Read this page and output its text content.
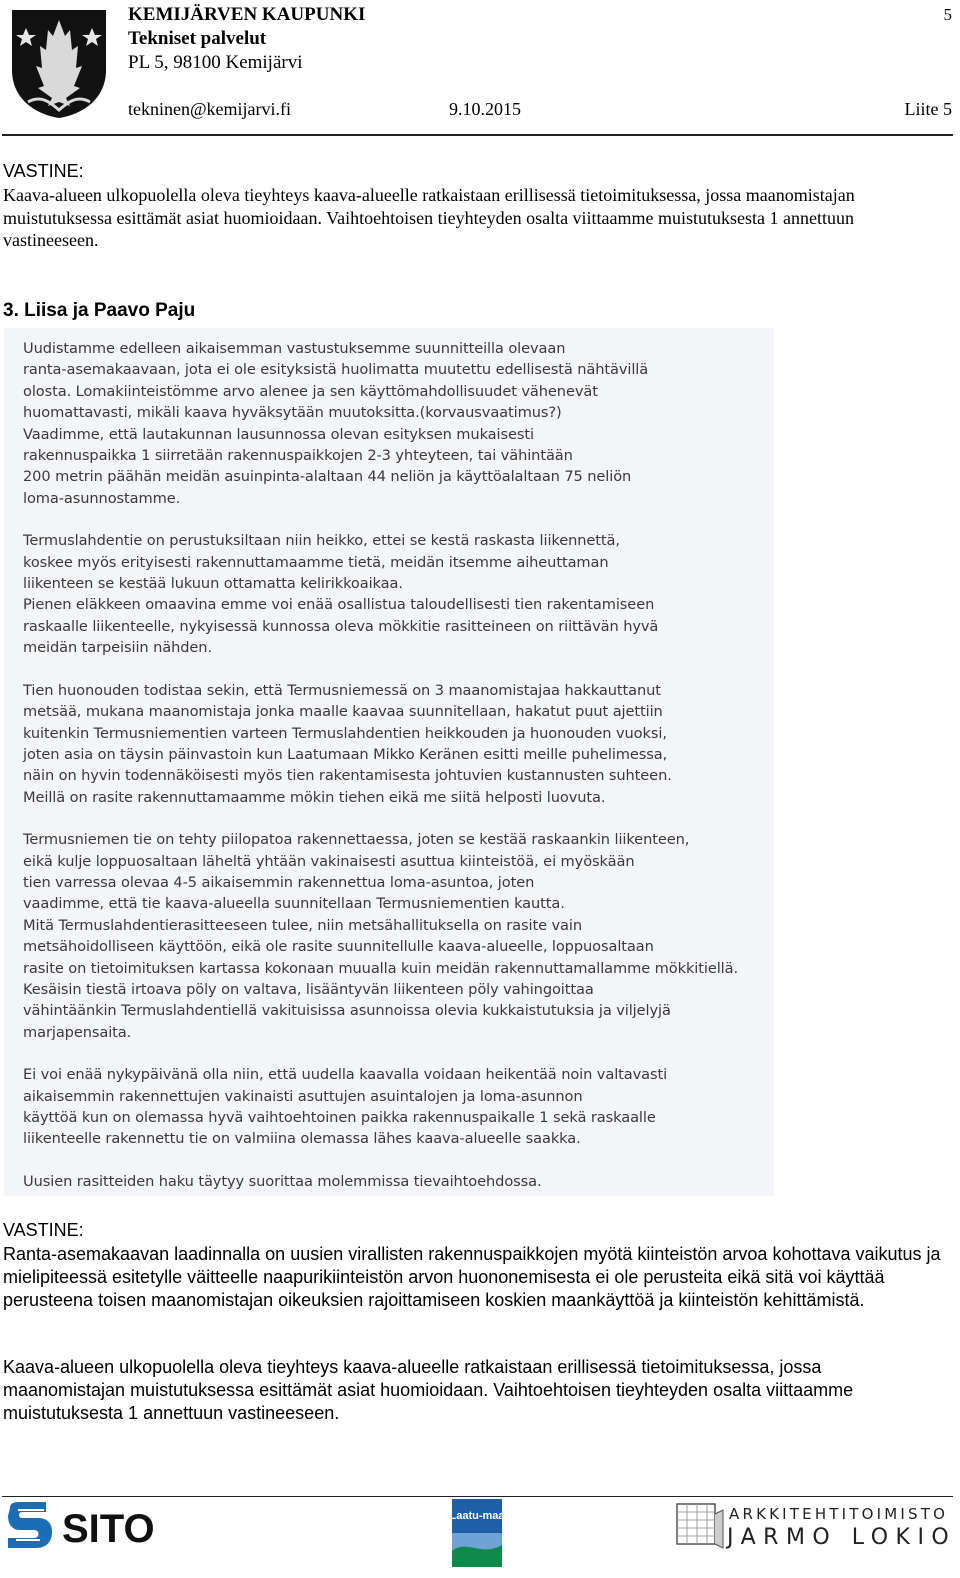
KEMIJÄRVEN KAUPUNKI
Tekniset palvelut
PL 5, 98100 Kemijärvi
5
tekninen@kemijarvi.fi	9.10.2015	Liite 5
VASTINE:
Kaava-alueen ulkopuolella oleva tieyhteys kaava-alueelle ratkaistaan erillisessä tietoimituksessa, jossa maanomistajan muistutuksessa esittämät asiat huomioidaan. Vaihtoehtoisen tieyhteyden osalta viittaamme muistutuksesta 1 annettuun vastineeseen.
3. Liisa ja Paavo Paju
Uudistamme edelleen aikaisemman vastustuksemme suunnitteilla olevaan
ranta-asemakaavaan, jota ei ole esityksistä huolimatta muutettu edellisestä nähtävillä
olosta. Lomakiinteistömme arvo alenee ja sen käyttömahdollisuudet vähenevät
huomattavasti, mikäli kaava hyväksytään muutoksitta.(korvausvaatimus?)
Vaadimme, että lautakunnan lausunnossa olevan esityksen mukaisesti
rakennuspaikka 1 siirretään rakennuspaikkojen 2-3 yhteyteen, tai vähintään
200 metrin päähän meidän asuinpinta-alaltaan 44 neliön ja käyttöalaltaan 75 neliön
loma-asunnostamme.
Termuslahdentie on perustuksiltaan niin heikko, ettei se kestä raskasta liikennettä,
koskee myös erityisesti rakennuttamaamme tietä, meidän itsemme aiheuttaman
liikenteen se kestää lukuun ottamatta kelirikkoaikaa.
Pienen eläkkeen omaavina emme voi enää osallistua taloudellisesti tien rakentamiseen
raskaalle liikenteelle, nykyisessä kunnossa oleva mökkitie rasitteineen on riittävän hyvä
meidän tarpeisiin nähden.
Tien huonouden todistaa sekin, että Termusniemessä on 3 maanomistajaa hakkauttanut
metsää, mukana maanomistaja jonka maalle kaavaa suunnitellaan, hakatut puut ajettiin
kuitenkin Termusniementien varteen Termuslahdentien heikkouden ja huonouden vuoksi,
joten asia on täysin päinvastoin kun Laatumaan Mikko Keränen esitti meille puhelimessa,
näin on hyvin todennäköisesti myös tien rakentamisesta johtuvien kustannusten suhteen.
Meillä on rasite rakennuttamaamme mökin tiehen eikä me siitä helposti luovuta.
Termusniemen tie on tehty piilopatoa rakennettaessa, joten se kestää raskaankin liikenteen,
eikä kulje loppuosaltaan läheltä yhtään vakinaisesti asuttua kiinteistöä, ei myöskään
tien varressa olevaa 4-5 aikaisemmin rakennettua loma-asuntoa, joten
vaadimme, että tie kaava-alueella suunnitellaan Termusniementien kautta.
Mitä Termuslahdentierasitteeseen tulee, niin metsähallituksella on rasite vain
metsähoidolliseen käyttöön, eikä ole rasite suunnitellulle kaava-alueelle, loppuosaltaan
rasite on tietoimituksen kartassa kokonaan muualla kuin meidän rakennuttamallamme mökkitiellä.
Kesäisin tiestä irtoava pöly on valtava, lisääntyvän liikenteen pöly vahingoittaa
vähintäänkin Termuslahdentiellä vakituisissa asunnoissa olevia kukkaistutuksia ja viljelyjä
marjapensaita.
Ei voi enää nykypäivänä olla niin, että uudella kaavalla voidaan heikentää noin valtavasti
aikaisemmin rakennettujen vakinaisti asuttujen asuintalojen ja loma-asunnon
käyttöä kun on olemassa hyvä vaihtoehtoinen paikka rakennuspaikalle 1 sekä raskaalle
liikenteelle rakennettu tie on valmiina olemassa lähes kaava-alueelle saakka.
Uusien rasitteiden haku täytyy suorittaa molemmissa tievaihtoehdossa.
VASTINE:
Ranta-asemakaavan laadinnalla on uusien virallisten rakennuspaikkojen myötä kiinteistön arvoa kohottava vaikutus ja mielipiteessä esitetylle väitteelle naapurikiinteistön arvon huononemisesta ei ole perusteita eikä sitä voi käyttää perusteena toisen maanomistajan oikeuksien rajoittamiseen koskien maankäyttöä ja kiinteistön kehittämistä.
Kaava-alueen ulkopuolella oleva tieyhteys kaava-alueelle ratkaistaan erillisessä tietoimituksessa, jossa maanomistajan muistutuksessa esittämät asiat huomioidaan. Vaihtoehtoisen tieyhteyden osalta viittaamme muistutuksesta 1 annettuun vastineeseen.
SITO	Laatu-maa	ARKKITEHTITOIMISTO
JARMO LOKIO
